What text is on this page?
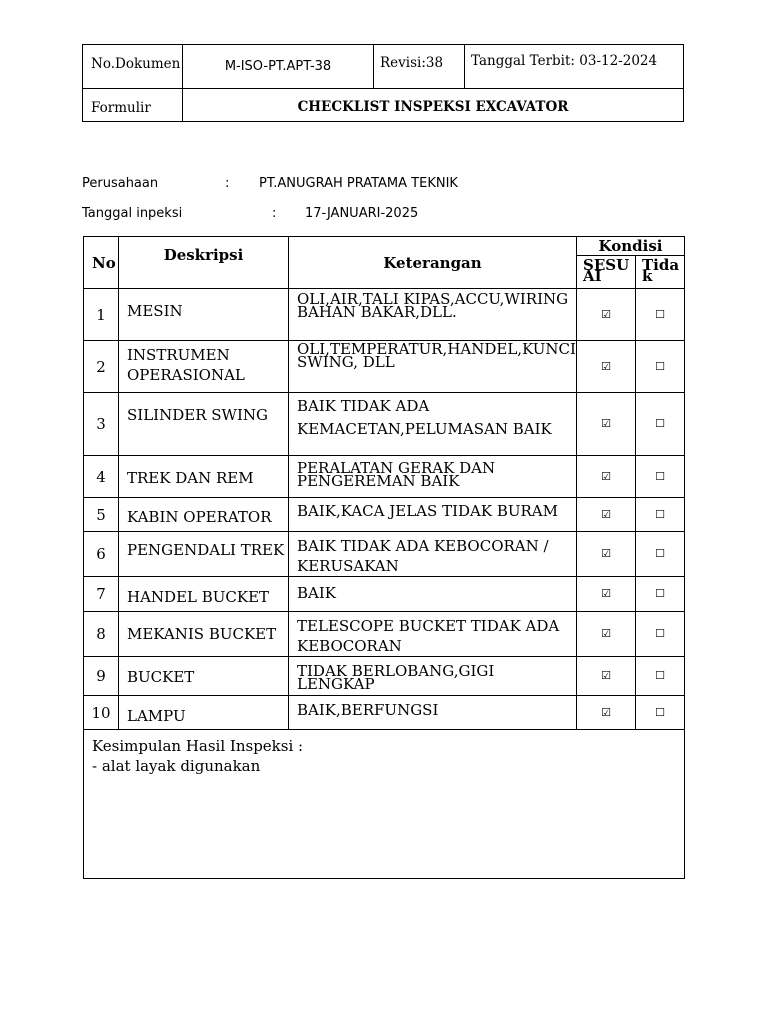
No.Dokumen	M-ISO-PT.APT-38	Revisi:38 Tanggal Terbit: 03-12-2024
Formulir	CHECKLIST INSPEKSI EXCAVATOR
Perusahaan	: PT.ANUGRAH PRATAMA TEKNIK
Tanggal inpeksi	: 17-JANUARI-2025
No	Deskripsi	Keterangan	Kondisi	
			SESUAI	Tidak
1	MESIN	OLI,AIR,TALI KIPAS,ACCU,WIRING BAHAN BAKAR,DLL.	☑	☐
2	INSTRUMEN OPERASIONAL	OLI,TEMPERATUR,HANDEL,KUNCI SWING, DLL	☑	☐
3	SILINDER SWING	BAIK TIDAK ADA KEMACETAN,PELUMASAN BAIK	☑	☐
4	TREK DAN REM	PERALATAN GERAK DAN PENGEREMAN BAIK	☑	☐
5	KABIN OPERATOR	BAIK,KACA JELAS TIDAK BURAM	☑	☐
6	PENGENDALI TREK	BAIK TIDAK ADA KEBOCORAN / KERUSAKAN	☑	☐
7	HANDEL BUCKET	BAIK	☑	☐
8	MEKANIS BUCKET	TELESCOPE BUCKET TIDAK ADA KEBOCORAN	☑	☐
9	BUCKET	TIDAK BERLOBANG,GIGI LENGKAP	☑	☐
10	LAMPU	BAIK,BERFUNGSI	☑	☐

Kesimpulan Hasil Inspeksi :
- alat layak digunakan				
